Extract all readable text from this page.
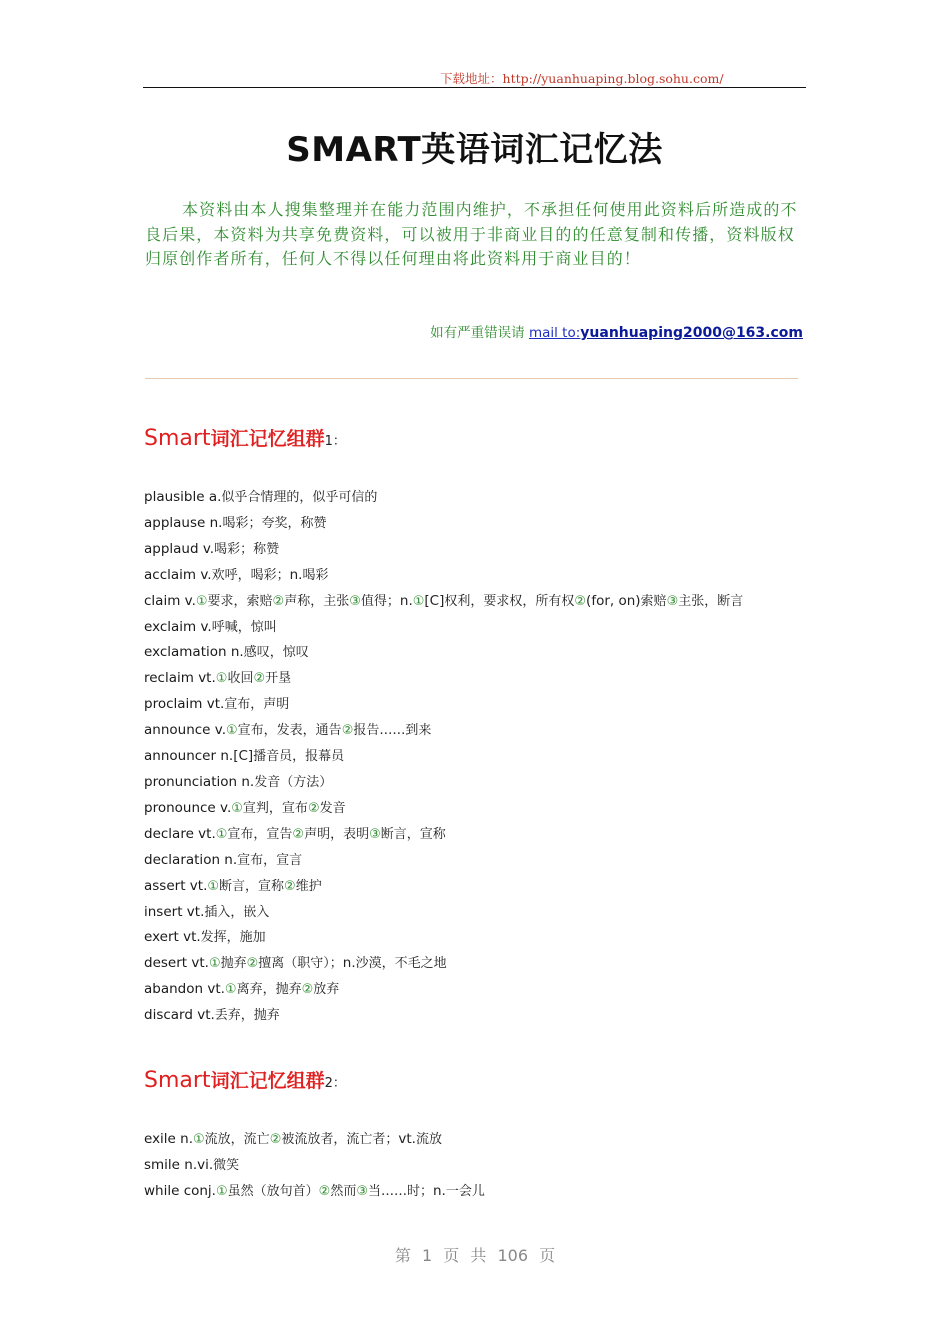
下载地址：http://yuanhuaping.blog.sohu.com/
SMART英语词汇记忆法

本资料由本人搜集整理并在能力范围内维护，不承担任何使用此资料后所造成的不良后果，本资料为共享免费资料，可以被用于非商业目的的任意复制和传播，资料版权归原创作者所有，任何人不得以任何理由将此资料用于商业目的！

如有严重错误请 mail to:yuanhuaping2000@163.com
Smart词汇记忆组群1：
plausible a.似乎合情理的，似乎可信的
applause n.喝彩；夸奖，称赞
applaud v.喝彩；称赞
acclaim v.欢呼，喝彩；n.喝彩
claim v.①要求，索赔②声称，主张③值得；n.①[C]权利，要求权，所有权②(for, on)索赔③主张，断言
exclaim v.呼喊，惊叫
exclamation n.感叹，惊叹
reclaim vt.①收回②开垦
proclaim vt.宣布，声明
announce v.①宣布，发表，通告②报告……到来
announcer n.[C]播音员，报幕员
pronunciation n.发音（方法）
pronounce v.①宣判，宣布②发音
declare vt.①宣布，宣告②声明，表明③断言，宣称
declaration n.宣布，宣言
assert vt.①断言，宣称②维护
insert vt.插入，嵌入
exert vt.发挥，施加
desert vt.①抛弃②擅离（职守）；n.沙漠，不毛之地
abandon vt.①离弃，抛弃②放弃
discard vt.丢弃，抛弃
Smart词汇记忆组群2：
exile n.①流放，流亡②被流放者，流亡者；vt.流放
smile n.vi.微笑
while conj.①虽然（放句首）②然而③当……时；n.一会儿
第 1 页 共 106 页
